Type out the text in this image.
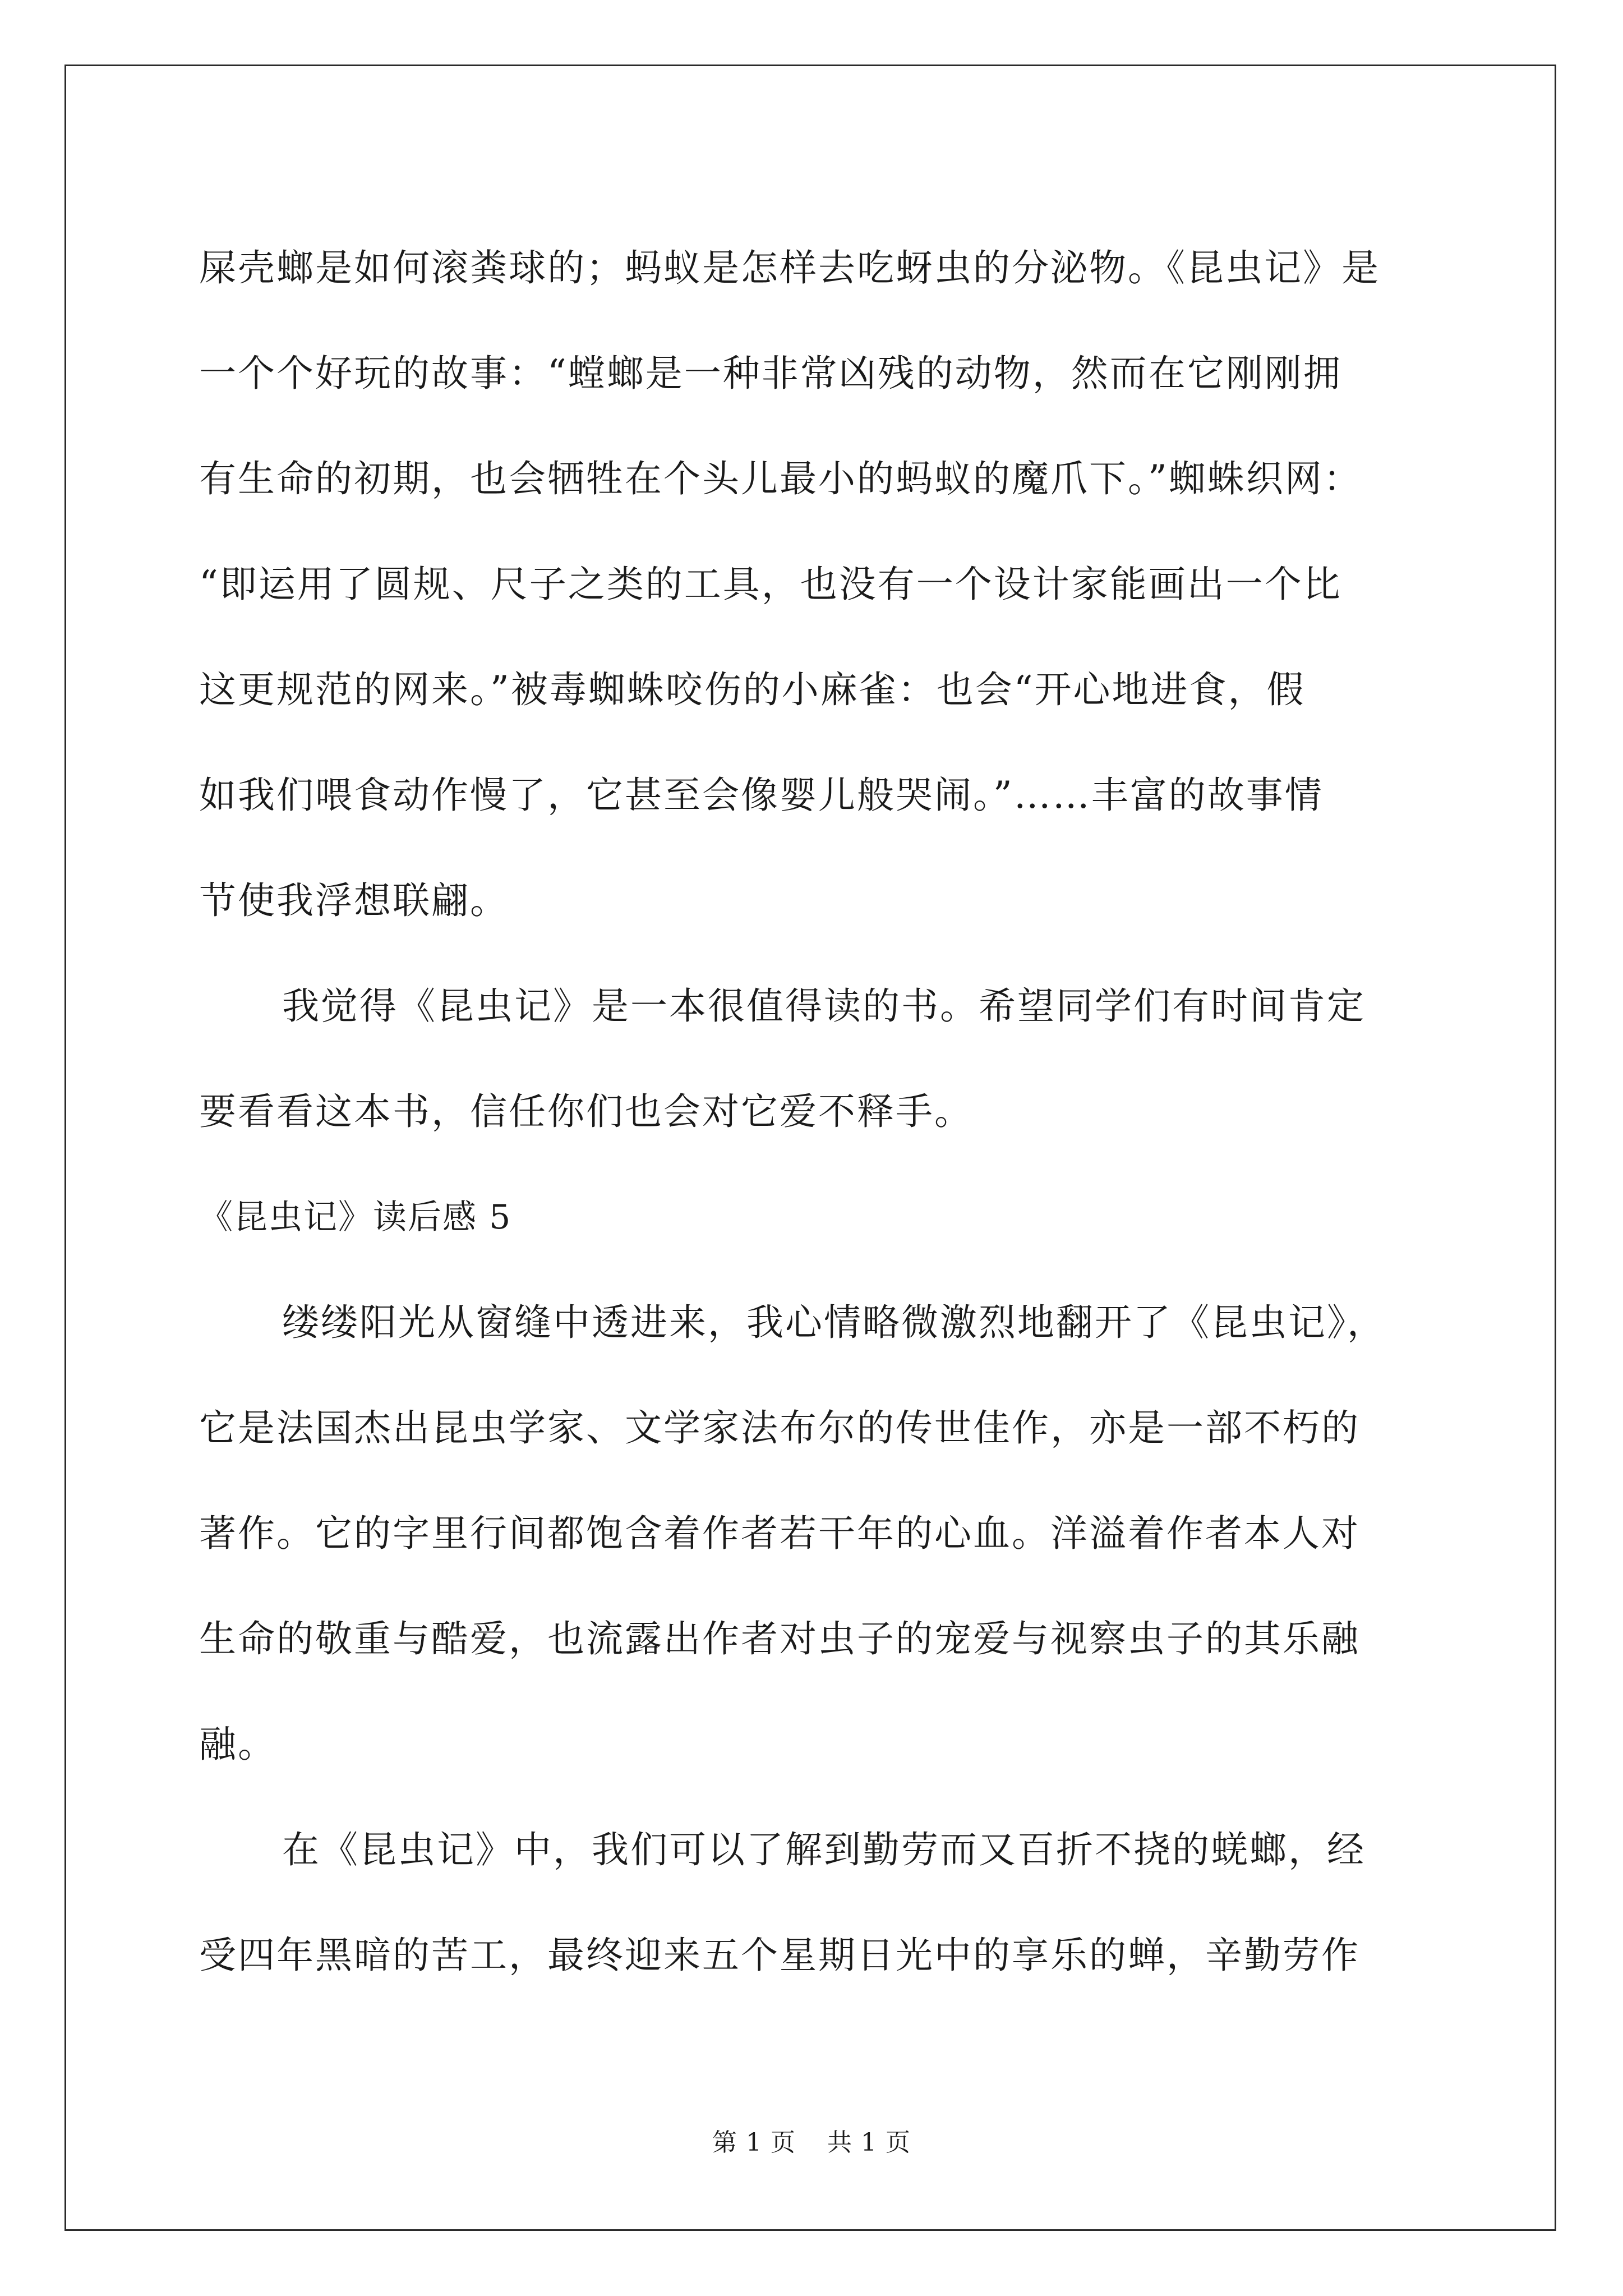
屎壳螂是如何滚粪球的；蚂蚁是怎样去吃蚜虫的分泌物。《昆虫记》是
一个个好玩的故事：“螳螂是一种非常凶残的动物，然而在它刚刚拥
有生命的初期，也会牺牲在个头儿最小的蚂蚁的魔爪下。”蜘蛛织网：
“即运用了圆规、尺子之类的工具，也没有一个设计家能画出一个比
这更规范的网来。”被毒蜘蛛咬伤的小麻雀：也会“开心地进食，假
如我们喂食动作慢了，它甚至会像婴儿般哭闹。”……丰富的故事情
节使我浮想联翩。
我觉得《昆虫记》是一本很值得读的书。希望同学们有时间肯定
要看看这本书，信任你们也会对它爱不释手。
《昆虫记》读后感 5
缕缕阳光从窗缝中透进来，我心情略微激烈地翻开了《昆虫记》，
它是法国杰出昆虫学家、文学家法布尔的传世佳作，亦是一部不朽的
著作。它的字里行间都饱含着作者若干年的心血。洋溢着作者本人对
生命的敬重与酷爱，也流露出作者对虫子的宠爱与视察虫子的其乐融
融。
在《昆虫记》中，我们可以了解到勤劳而又百折不挠的蜣螂，经
受四年黑暗的苦工，最终迎来五个星期日光中的享乐的蝉，辛勤劳作
第 1 页 共 1 页
